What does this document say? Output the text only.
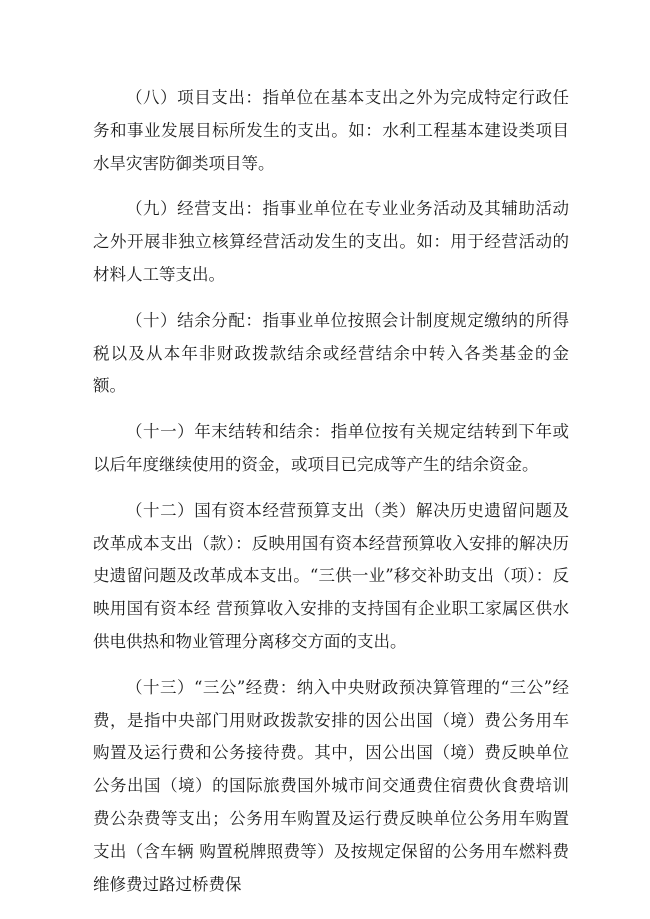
（八）项目支出：指单位在基本支出之外为完成特定行政任务和事业发展目标所发生的支出。如：水利工程基本建设类项目水旱灾害防御类项目等。

（九）经营支出：指事业单位在专业业务活动及其辅助活动之外开展非独立核算经营活动发生的支出。如：用于经营活动的材料人工等支出。

（十）结余分配：指事业单位按照会计制度规定缴纳的所得税以及从本年非财政拨款结余或经营结余中转入各类基金的金额。

（十一）年末结转和结余：指单位按有关规定结转到下年或以后年度继续使用的资金，或项目已完成等产生的结余资金。

（十二）国有资本经营预算支出（类）解决历史遗留问题及改革成本支出（款）：反映用国有资本经营预算收入安排的解决历史遗留问题及改革成本支出。“三供一业”移交补助支出（项）：反映用国有资本经 营预算收入安排的支持国有企业职工家属区供水供电供热和物业管理分离移交方面的支出。

（十三）“三公”经费：纳入中央财政预决算管理的“三公”经费，是指中央部门用财政拨款安排的因公出国（境）费公务用车购置及运行费和公务接待费。其中，因公出国（境）费反映单位公务出国（境）的国际旅费国外城市间交通费住宿费伙食费培训费公杂费等支出；公务用车购置及运行费反映单位公务用车购置支出（含车辆 购置税牌照费等）及按规定保留的公务用车燃料费维修费过路过桥费保
